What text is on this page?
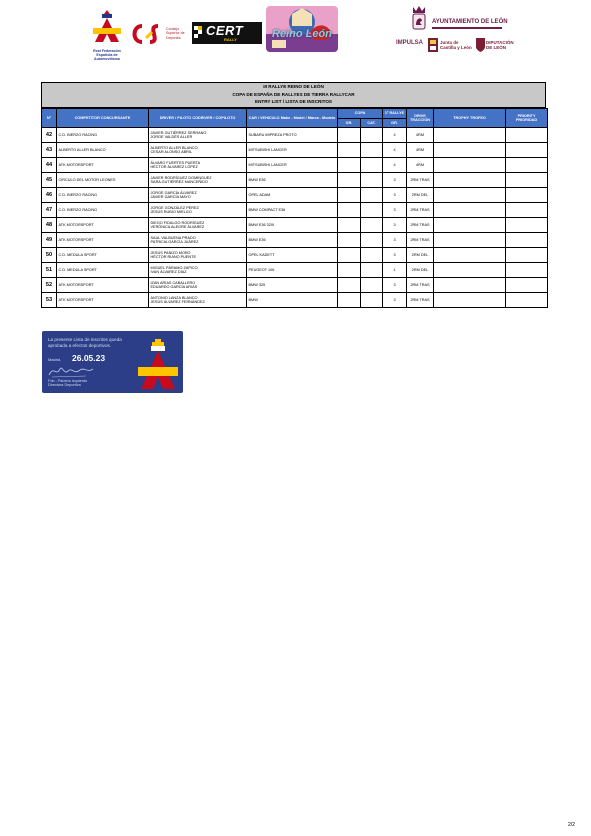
Real Federación Española de Automovilismo
Consejo Superior de Deportes	CERT
RALLY	Reino León
AYUNTAMIENTO DE LEÓN
IMPULSA	Junta de Castilla y León
DIPUTACIÓN DE LEÓN
III RALLYE REINO DE LEÓN
COPA DE ESPAÑA DE RALLYES DE TIERRA RALLYCAR
ENTRY LIST / LISTA DE INSCRITOS
Nº	COMPETITOR CONCURSANTE	DRIVER / PILOTO CODRIVER / COPILOTO	CAR / VEHICULO Make - Model / Marca - Modelo	COPA		1º RALLYE	DRIVE TRACCIÓN	TROPHY TROFEO	PRIORITY PRIORIDAD
				GR.	CAT.	GR.			
42	C.D. BIERZO RACING	JAVIER GUTIÉRREZ SERRANO
JORGE VALDÉS ALLER	SUBARU IMPREZA PROTO			4	4RM		
43	ALBERTO ALLER BLANCO	ALBERTO ALLER BLANCO
CESAR ALONSO ABRIL	MITSUBISHI LANCER			4	4RM		
44	ATK MOTORSPORT	ÁLVARO FUERTES PUERTA
HÉCTOR ÁLVAREZ LÓPEZ	MITSUBISHI LANCER			4	4RM		
45	CIRCULO DEL MOTOR LEONES	JAVIER RODRÍGUEZ DOMÍNGUEZ
SARA GUTIÉRREZ MANCEÑIDO	BMW E36			3	2RM TRAS		
46	C.D. BIERZO RACING	JORGE GARCÍA ÁLVAREZ
JAVIER GARCÍA MAYO	OPEL ADAM			3	2RM DEL		
47	C.D. BIERZO RACING	JORGE GONZÁLEZ PÉREZ
JESÚS RUBIO MIELGO	BMW COMPACT E36			3	2RM TRAS		
48	ATK MOTORSPORT	DIEGO FIDALGO RODRÍGUEZ
VERÓNICA ALEGRE ÁLVAREZ	BMW E36 320I			3	2RM TRAS		
49	ATK MOTORSPORT	SAUL VALBUENA PRADO
PATRICIA GARCÍA JUÁREZ	BMW E36			3	2RM TRAS		
50	C.D. MEDULA SPORT	JESÚS PANIZO MORO
HÉCTOR RIANO PUENTE	OPEL KADETT			3	2RM DEL		
51	C.D. MEDULA SPORT	MIGUEL PÁRAMO ZAPICO
IVAN ÁLVAREZ DÍAZ	PEUGEOT 106			1	2RM DEL		
52	ATK MOTORSPORT	IZAN ARIAS CABALLERO
EDUARDO GARCÍA ARIAS	BMW 325			3	2RM TRAS		
53	ATK MOTORSPORT	ANTONIO LANZA BLANCO
JESÚS ÁLVAREZ FERNÁNDEZ	BMW			3	2RM TRAS		
La presente Lista de inscritos queda aprobada a efectos deportivos.
Madrid, 26.05.23
Fdo.: Paloma Izquierdo
Directora Deportiva
2/2
